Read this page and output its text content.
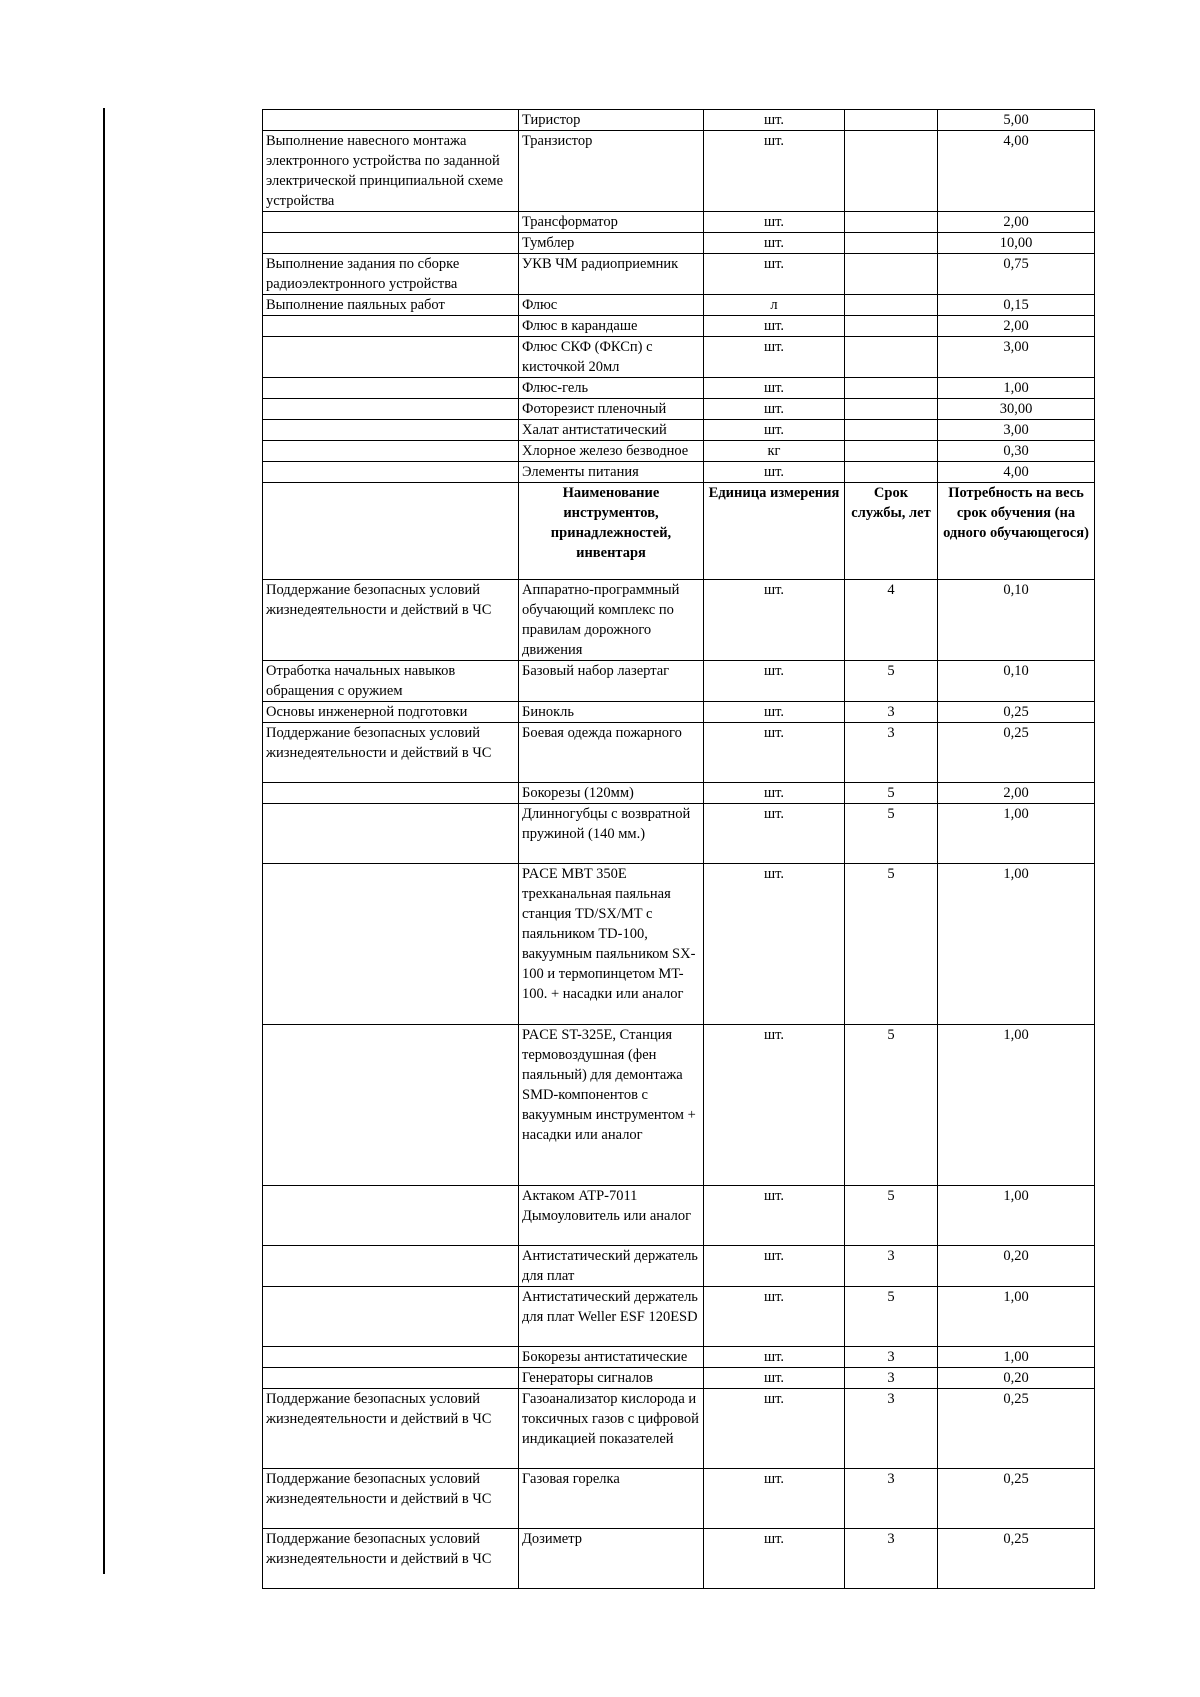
	Тиристор	шт.		5,00
Выполнение навесного монтажа электронного устройства по заданной электрической принципиальной схеме устройства	Транзистор	шт.		4,00
	Трансформатор	шт.		2,00
	Тумблер	шт.		10,00
Выполнение задания по сборке радиоэлектронного устройства	УКВ ЧМ радиоприемник	шт.		0,75
Выполнение паяльных работ	Флюс	л		0,15
	Флюс в карандаше	шт.		2,00
	Флюс СКФ (ФКСп) с кисточкой 20мл	шт.		3,00
	Флюс-гель	шт.		1,00
	Фоторезист пленочный	шт.		30,00
	Халат антистатический	шт.		3,00
	Хлорное железо безводное	кг		0,30
	Элементы питания	шт.		4,00
	Наименование инструментов, принадлежностей, инвентаря	Единица измерения	Срок службы, лет	Потребность на весь срок обучения (на одного обучающегося)
Поддержание безопасных условий жизнедеятельности и действий в ЧС	Аппаратно-программный обучающий комплекс по правилам дорожного движения	шт.	4	0,10
Отработка начальных навыков обращения с оружием	Базовый набор лазертаг	шт.	5	0,10
Основы инженерной подготовки	Бинокль	шт.	3	0,25
Поддержание безопасных условий жизнедеятельности и действий в ЧС	Боевая одежда пожарного	шт.	3	0,25
	Бокорезы (120мм)	шт.	5	2,00
	Длинногубцы с возвратной пружиной (140 мм.)	шт.	5	1,00
	PACE MBT 350E трехканальная паяльная станция TD/SX/MT с паяльником TD-100, вакуумным паяльником SX-100 и термопинцетом MT-100. + насадки или аналог	шт.	5	1,00
	PACE ST-325E, Станция термовоздушная (фен паяльный) для демонтажа SMD-компонентов с вакуумным инструментом + насадки или аналог	шт.	5	1,00
	Актаком ATP-7011 Дымоуловитель или аналог	шт.	5	1,00
	Антистатический держатель для плат	шт.	3	0,20
	Антистатический держатель для плат Weller ESF 120ESD	шт.	5	1,00
	Бокорезы антистатические	шт.	3	1,00
	Генераторы сигналов	шт.	3	0,20
Поддержание безопасных условий жизнедеятельности и действий в ЧС	Газоанализатор кислорода и токсичных газов с цифровой индикацией показателей	шт.	3	0,25
Поддержание безопасных условий жизнедеятельности и действий в ЧС	Газовая горелка	шт.	3	0,25
Поддержание безопасных условий жизнедеятельности и действий в ЧС	Дозиметр	шт.	3	0,25
